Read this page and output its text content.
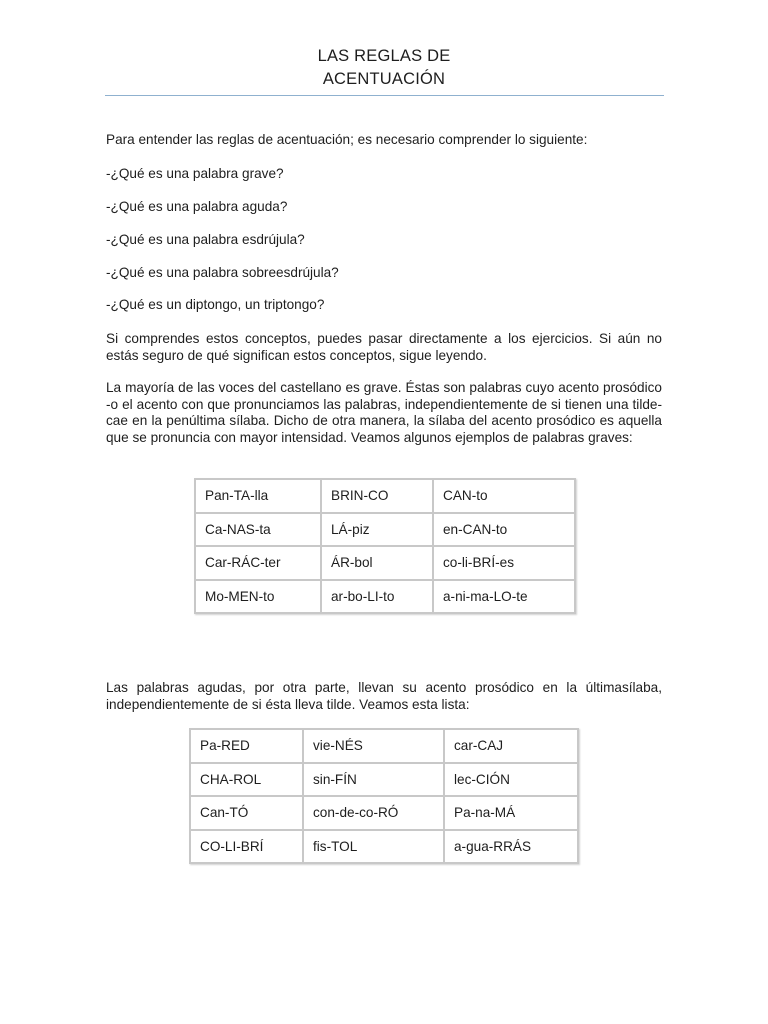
LAS REGLAS DE
ACENTUACIÓN

Para entender las reglas de acentuación; es necesario comprender lo siguiente:

-¿Qué es una palabra grave?

-¿Qué es una palabra aguda?

-¿Qué es una palabra esdrújula?

-¿Qué es una palabra sobreesdrújula?

-¿Qué es un diptongo, un triptongo?

Si comprendes estos conceptos, puedes pasar directamente a los ejercicios. Si aún no estás seguro de qué significan estos conceptos, sigue leyendo.

La mayoría de las voces del castellano es grave. Éstas son palabras cuyo acento prosódico -o el acento con que pronunciamos las palabras, independientemente de si tienen una tilde- cae en la penúltima sílaba. Dicho de otra manera, la sílaba del acento prosódico es aquella que se pronuncia con mayor intensidad. Veamos algunos ejemplos de palabras graves:

Pan-TA-lla	BRIN-CO	CAN-to
Ca-NAS-ta	LÁ-piz	en-CAN-to
Car-RÁC-ter	ÁR-bol	co-li-BRÍ-es
Mo-MEN-to	ar-bo-LI-to	a-ni-ma-LO-te

Las palabras agudas, por otra parte, llevan su acento prosódico en la últimasílaba, independientemente de si ésta lleva tilde. Veamos esta lista:

Pa-RED	vie-NÉS	car-CAJ
CHA-ROL	sin-FÍN	lec-CIÓN
Can-TÓ	con-de-co-RÓ	Pa-na-MÁ
CO-LI-BRÍ	fis-TOL	a-gua-RRÁS
